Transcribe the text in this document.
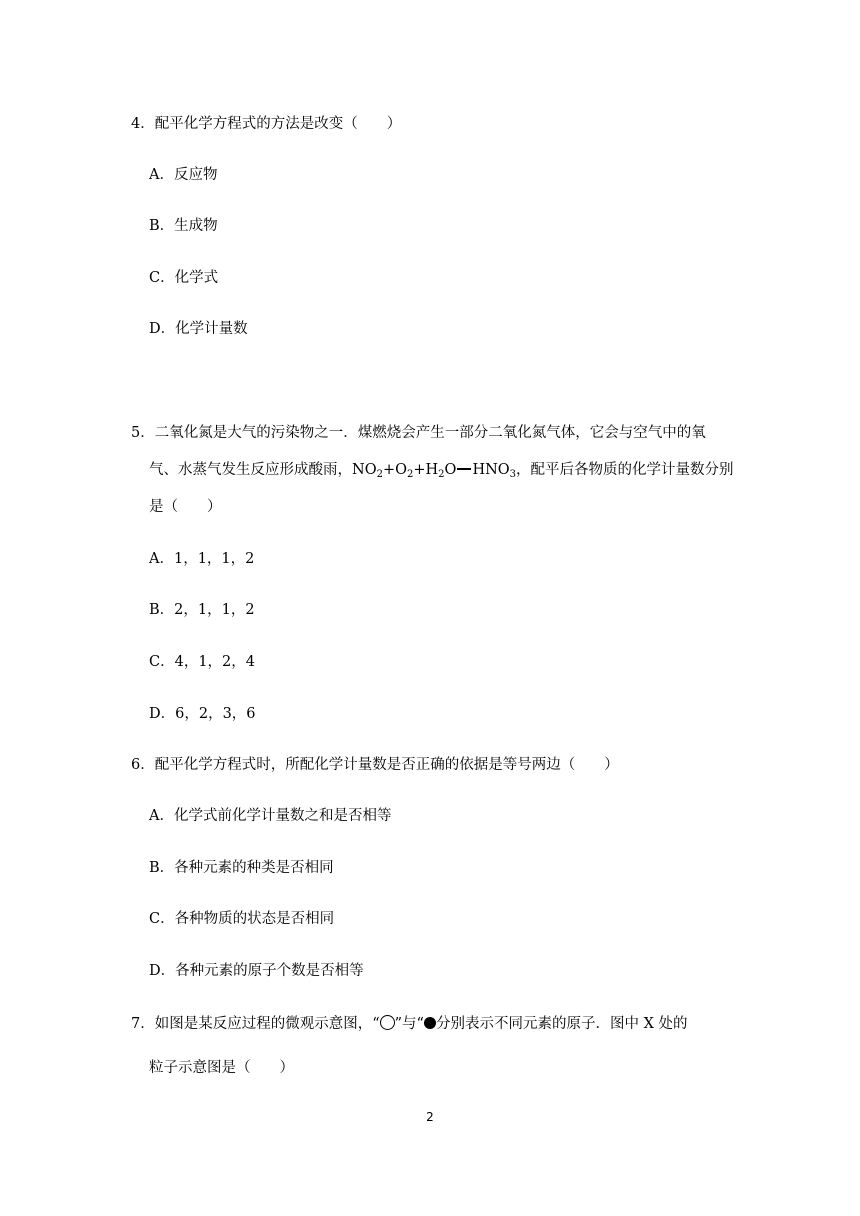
4．配平化学方程式的方法是改变（　　）
A．反应物
B．生成物
C．化学式
D．化学计量数
5．二氧化氮是大气的污染物之一．煤燃烧会产生一部分二氧化氮气体，它会与空气中的氧
气、水蒸气发生反应形成酸雨，$NO_2+O_2+H_2O$ $HNO_3$，配平后各物质的化学计量数分别
是（　　）
A．1，1，1，2
B．2，1，1，2
C．4，1，2，4
D．6，2，3，6
6．配平化学方程式时，所配化学计量数是否正确的依据是等号两边（　　）
A．化学式前化学计量数之和是否相等
B．各种元素的种类是否相同
C．各种物质的状态是否相同
D．各种元素的原子个数是否相等
7．如图是某反应过程的微观示意图，“ ”与“ 分别表示不同元素的原子．图中 X 处的
粒子示意图是（　　）
2
